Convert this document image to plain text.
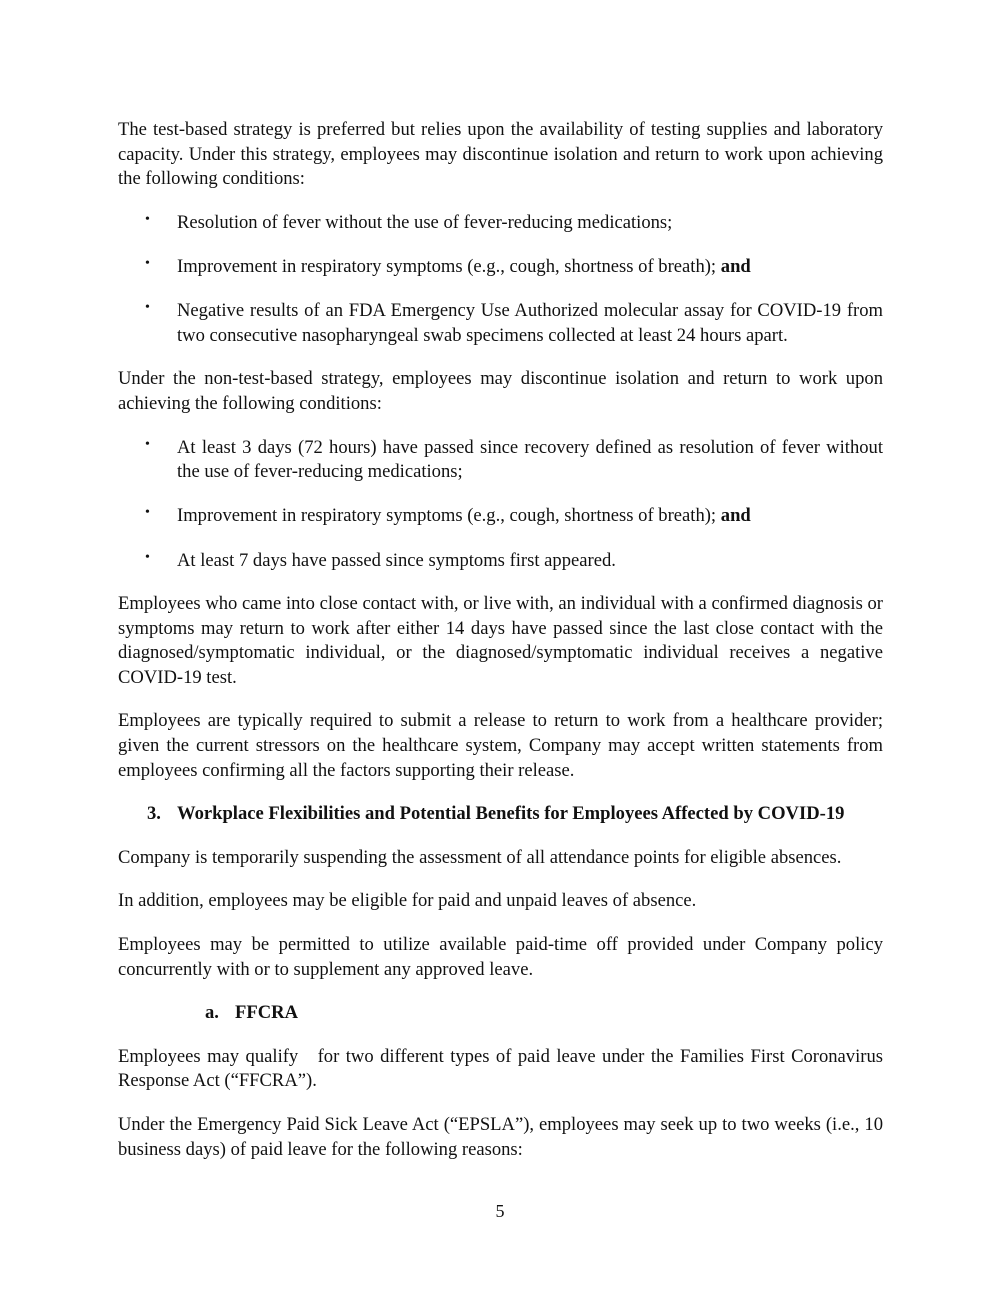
The test-based strategy is preferred but relies upon the availability of testing supplies and laboratory capacity. Under this strategy, employees may discontinue isolation and return to work upon achieving the following conditions:

• Resolution of fever without the use of fever-reducing medications;
• Improvement in respiratory symptoms (e.g., cough, shortness of breath); and
• Negative results of an FDA Emergency Use Authorized molecular assay for COVID-19 from two consecutive nasopharyngeal swab specimens collected at least 24 hours apart.

Under the non-test-based strategy, employees may discontinue isolation and return to work upon achieving the following conditions:

• At least 3 days (72 hours) have passed since recovery defined as resolution of fever without the use of fever-reducing medications;
• Improvement in respiratory symptoms (e.g., cough, shortness of breath); and
• At least 7 days have passed since symptoms first appeared.

Employees who came into close contact with, or live with, an individual with a confirmed diagnosis or symptoms may return to work after either 14 days have passed since the last close contact with the diagnosed/symptomatic individual, or the diagnosed/symptomatic individual receives a negative COVID-19 test.

Employees are typically required to submit a release to return to work from a healthcare provider; given the current stressors on the healthcare system, Company may accept written statements from employees confirming all the factors supporting their release.

3. Workplace Flexibilities and Potential Benefits for Employees Affected by COVID-19

Company is temporarily suspending the assessment of all attendance points for eligible absences.

In addition, employees may be eligible for paid and unpaid leaves of absence.

Employees may be permitted to utilize available paid-time off provided under Company policy concurrently with or to supplement any approved leave.

a. FFCRA

Employees may qualify   for two different types of paid leave under the Families First Coronavirus Response Act (“FFCRA”).

Under the Emergency Paid Sick Leave Act (“EPSLA”), employees may seek up to two weeks (i.e., 10 business days) of paid leave for the following reasons:

5
